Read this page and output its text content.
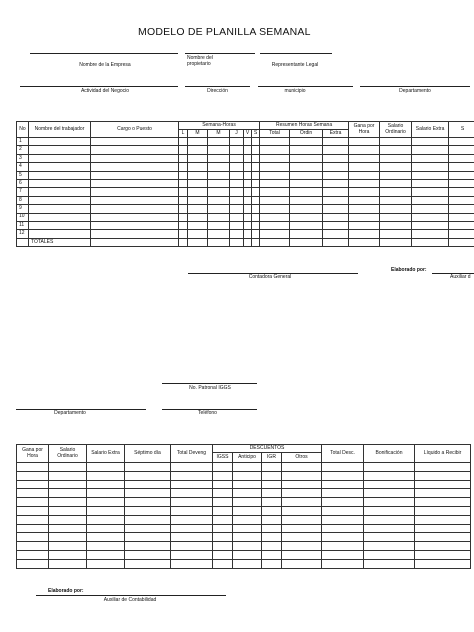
MODELO DE PLANILLA SEMANAL
Nombre de la Empresa
Nombre del propietario	Representante Legal
Actividad del Negocio	Dirección	municipio	Departamento
No	Nombre del trabajador	Cargo o Puesto	Semana-Horas						Resumen Horas Semana			Gana por Hora	Salario Ordinario	Salario Extra	S
			L	M	M	J	V	S	Total	Ordin	Extra				
1															
2															
3															
4															
5															
6															
7															
8															
9															
10															
11															
12															
	TOTALES														
Contadora General
Elaborado por:
Auxiliar d
No. Patronal IGGS
Departamento	Teléfono
Gana por Hora	Salario Ordinario	Salario Extra	Séptimo día	Total Deveng	DESCUENTOS				Total Desc.	Bonificación	Líquido a Recibir
					IGSS	Anticipo	IGR	Otros			

Elaborado por:
Auxiliar de Contabilidad
